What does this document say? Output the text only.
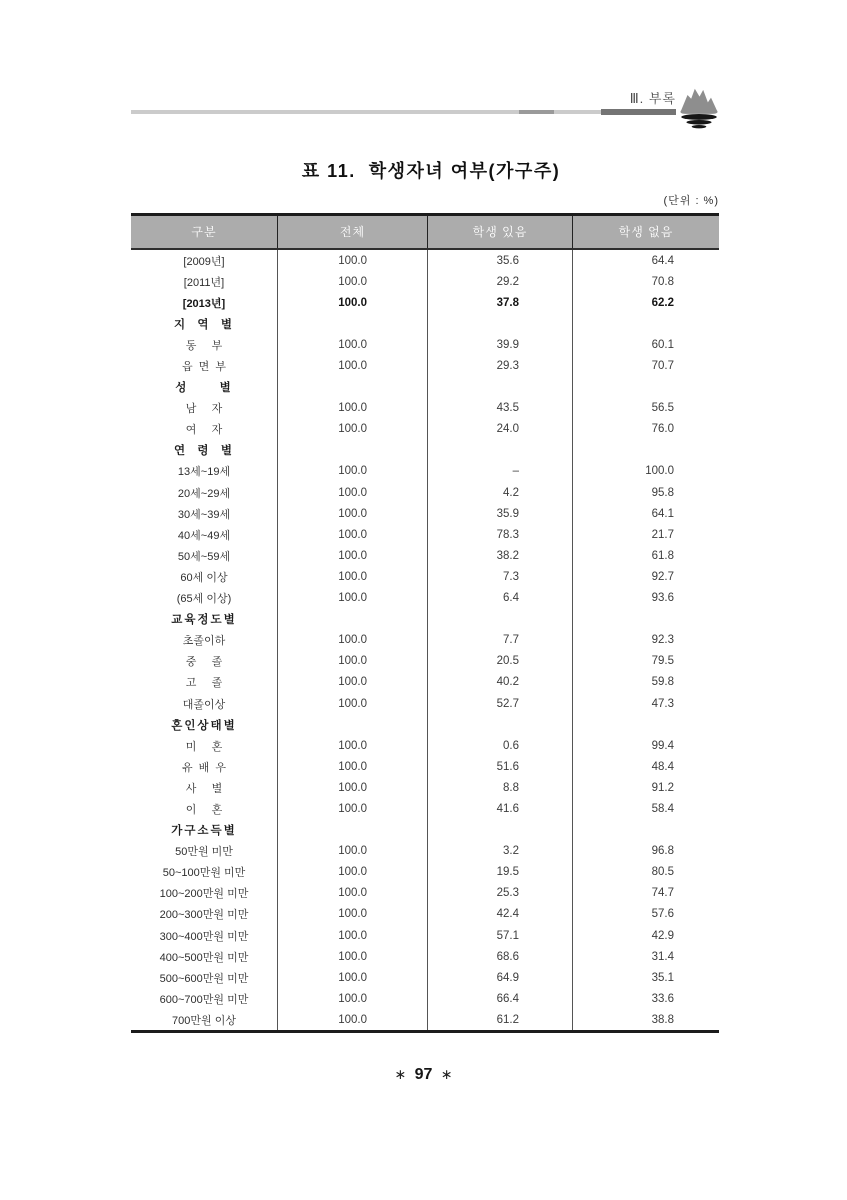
Ⅲ. 부록
표 11.  학생자녀 여부(가구주)
(단위 : %)
구분	전체	학생 있음	학생 없음
[2009년]	100.0	35.6	64.4
[2011년]	100.0	29.2	70.8
[2013년]	100.0	37.8	62.2
지  역  별
동     부	100.0	39.9	60.1
읍  면  부	100.0	29.3	70.7
성      별
남     자	100.0	43.5	56.5
여     자	100.0	24.0	76.0
연  령  별
13세~19세	100.0	–	100.0
20세~29세	100.0	4.2	95.8
30세~39세	100.0	35.9	64.1
40세~49세	100.0	78.3	21.7
50세~59세	100.0	38.2	61.8
60세 이상	100.0	7.3	92.7
(65세 이상)	100.0	6.4	93.6
교육정도별
초졸이하	100.0	7.7	92.3
중     졸	100.0	20.5	79.5
고     졸	100.0	40.2	59.8
대졸이상	100.0	52.7	47.3
혼인상태별
미     혼	100.0	0.6	99.4
유  배  우	100.0	51.6	48.4
사     별	100.0	8.8	91.2
이     혼	100.0	41.6	58.4
가구소득별
50만원 미만	100.0	3.2	96.8
50~100만원 미만	100.0	19.5	80.5
100~200만원 미만	100.0	25.3	74.7
200~300만원 미만	100.0	42.4	57.6
300~400만원 미만	100.0	57.1	42.9
400~500만원 미만	100.0	68.6	31.4
500~600만원 미만	100.0	64.9	35.1
600~700만원 미만	100.0	66.4	33.6
700만원 이상	100.0	61.2	38.8
∗ 97 ∗
